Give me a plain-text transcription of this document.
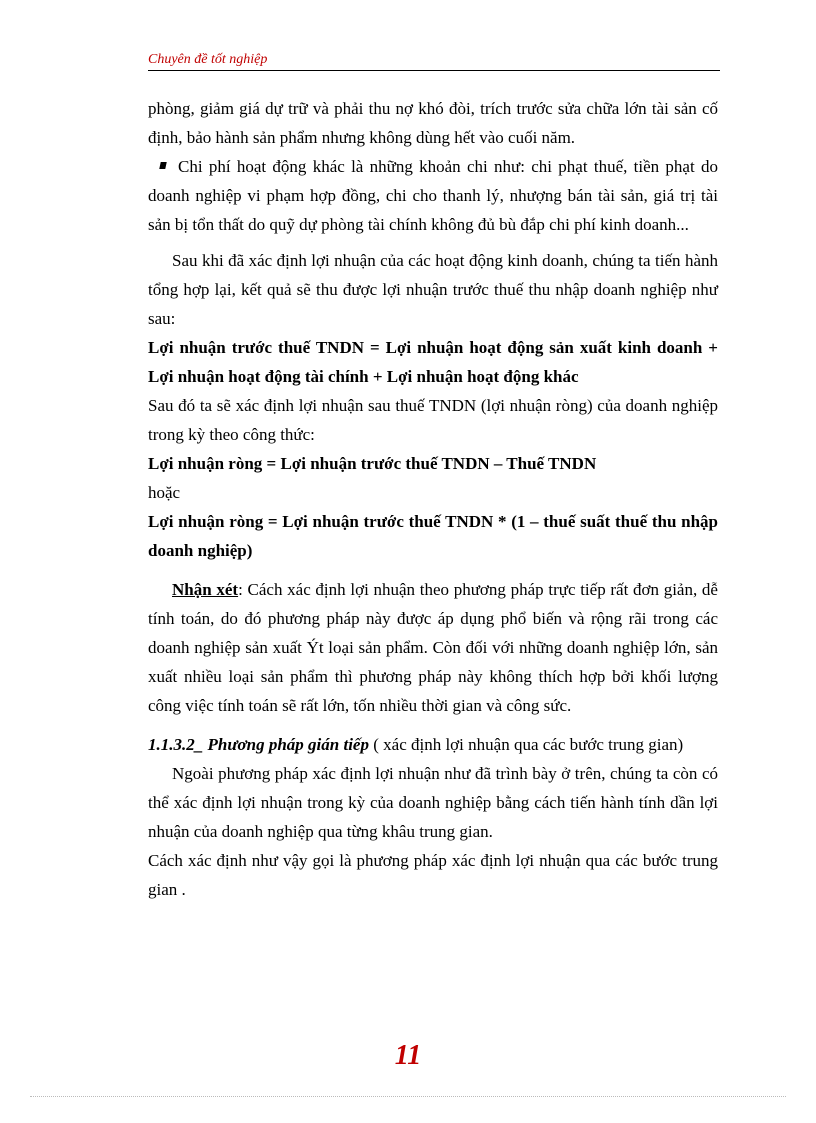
Chuyên đề tốt nghiệp

phòng, giảm giá dự trữ và phải thu nợ khó đòi, trích trước sửa chữa lớn tài sản cố định, bảo hành sản phẩm nhưng không dùng hết vào cuối năm.

Chi phí hoạt động khác là những khoản chi như: chi phạt thuế, tiền phạt do doanh nghiệp vi phạm hợp đồng, chi cho thanh lý, nhượng bán tài sản, giá trị tài sản bị tổn thất do quỹ dự phòng tài chính không đủ bù đắp chi phí kinh doanh...

Sau khi đã xác định lợi nhuận của các hoạt động kinh doanh, chúng ta tiến hành tổng hợp lại, kết quả sẽ thu được lợi nhuận trước thuế thu nhập doanh nghiệp như sau:

Lợi nhuận trước thuế TNDN = Lợi nhuận hoạt động sản xuất kinh doanh + Lợi nhuận hoạt động tài chính + Lợi nhuận hoạt động khác

Sau đó ta sẽ xác định lợi nhuận sau thuế TNDN (lợi nhuận ròng) của doanh nghiệp trong kỳ theo công thức:

Lợi nhuận ròng = Lợi nhuận trước thuế TNDN – Thuế TNDN

hoặc

Lợi nhuận ròng = Lợi nhuận trước thuế TNDN * (1 – thuế suất thuế thu nhập doanh nghiệp)

Nhận xét: Cách xác định lợi nhuận theo phương pháp trực tiếp rất đơn giản, dễ tính toán, do đó phương pháp này được áp dụng phổ biến và rộng rãi trong các doanh nghiệp sản xuất Ýt loại sản phẩm. Còn đối với những doanh nghiệp lớn, sản xuất nhiều loại sản phẩm thì phương pháp này không thích hợp bởi khối lượng công việc tính toán sẽ rất lớn, tốn nhiều thời gian và công sức.

1.1.3.2_ Phương pháp gián tiếp ( xác định lợi nhuận qua các bước trung gian)

Ngoài phương pháp xác định lợi nhuận như đã trình bày ở trên, chúng ta còn có thể xác định lợi nhuận trong kỳ của doanh nghiệp bằng cách tiến hành tính dần lợi nhuận của doanh nghiệp qua từng khâu trung gian.

Cách xác định như vậy gọi là phương pháp xác định lợi nhuận qua các bước trung gian .

11
